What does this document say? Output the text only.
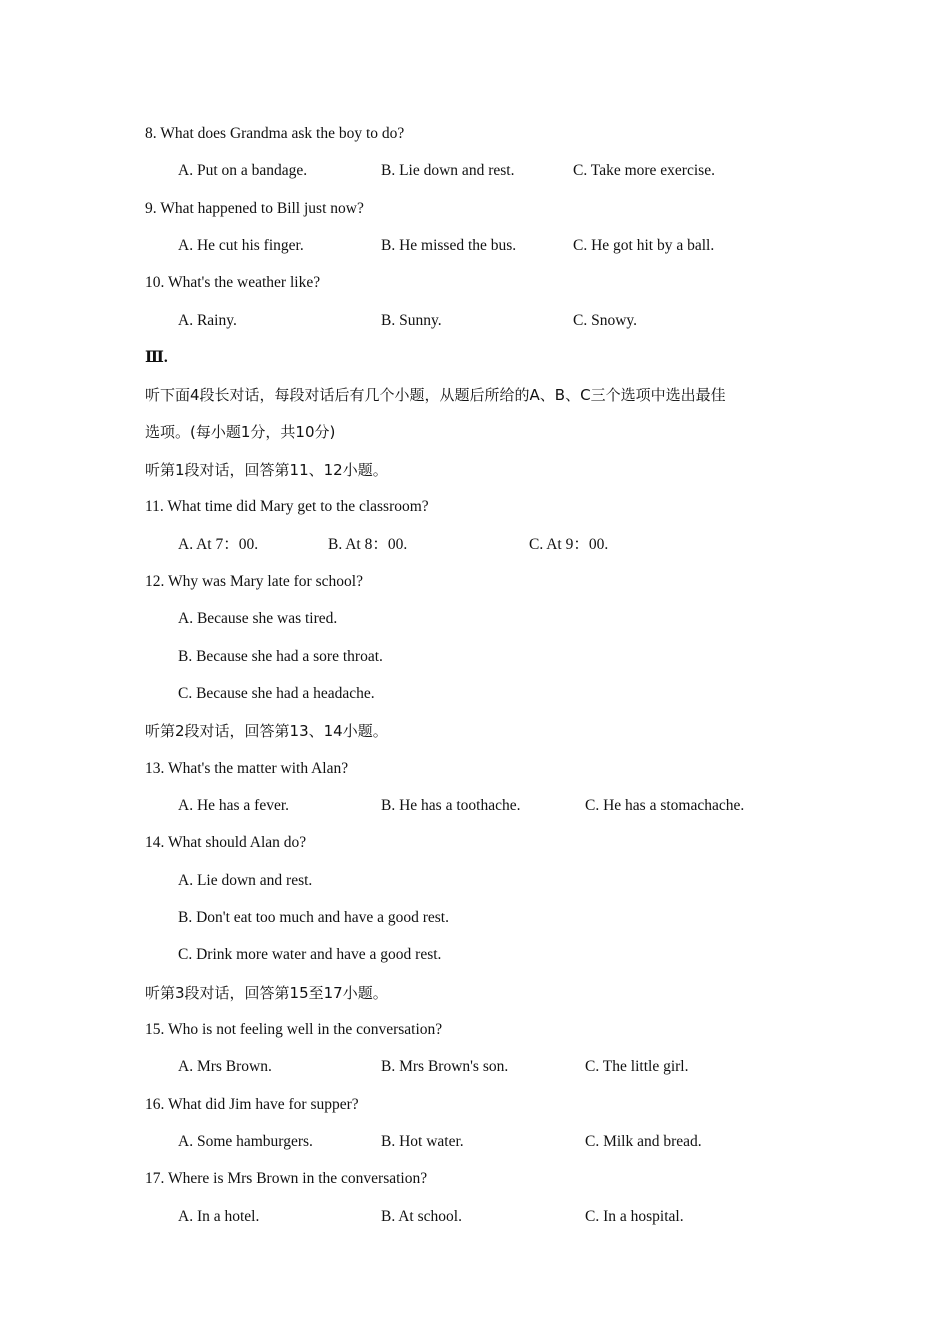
8. What does Grandma ask the boy to do?
A. Put on a bandage.	B. Lie down and rest.	C. Take more exercise.
9. What happened to Bill just now?
A. He cut his finger.	B. He missed the bus.	C. He got hit by a ball.
10. What's the weather like?
A. Rainy.	B. Sunny.	C. Snowy.
Ⅲ.
听下面4段长对话，每段对话后有几个小题，从题后所给的A、B、C三个选项中选出最佳
选项。(每小题1分，共10分)
听第1段对话，回答第11、12小题。
11. What time did Mary get to the classroom?
A. At 7：00.	B. At 8：00.	C. At 9：00.
12. Why was Mary late for school?
A. Because she was tired.
B. Because she had a sore throat.
C. Because she had a headache.
听第2段对话，回答第13、14小题。
13. What's the matter with Alan?
A. He has a fever.	B. He has a toothache.	C. He has a stomachache.
14. What should Alan do?
A. Lie down and rest.
B. Don't eat too much and have a good rest.
C. Drink more water and have a good rest.
听第3段对话，回答第15至17小题。
15. Who is not feeling well in the conversation?
A. Mrs Brown.	B. Mrs Brown's son.	C. The little girl.
16. What did Jim have for supper?
A. Some hamburgers.	B. Hot water.	C. Milk and bread.
17. Where is Mrs Brown in the conversation?
A. In a hotel.	B. At school.	C. In a hospital.
